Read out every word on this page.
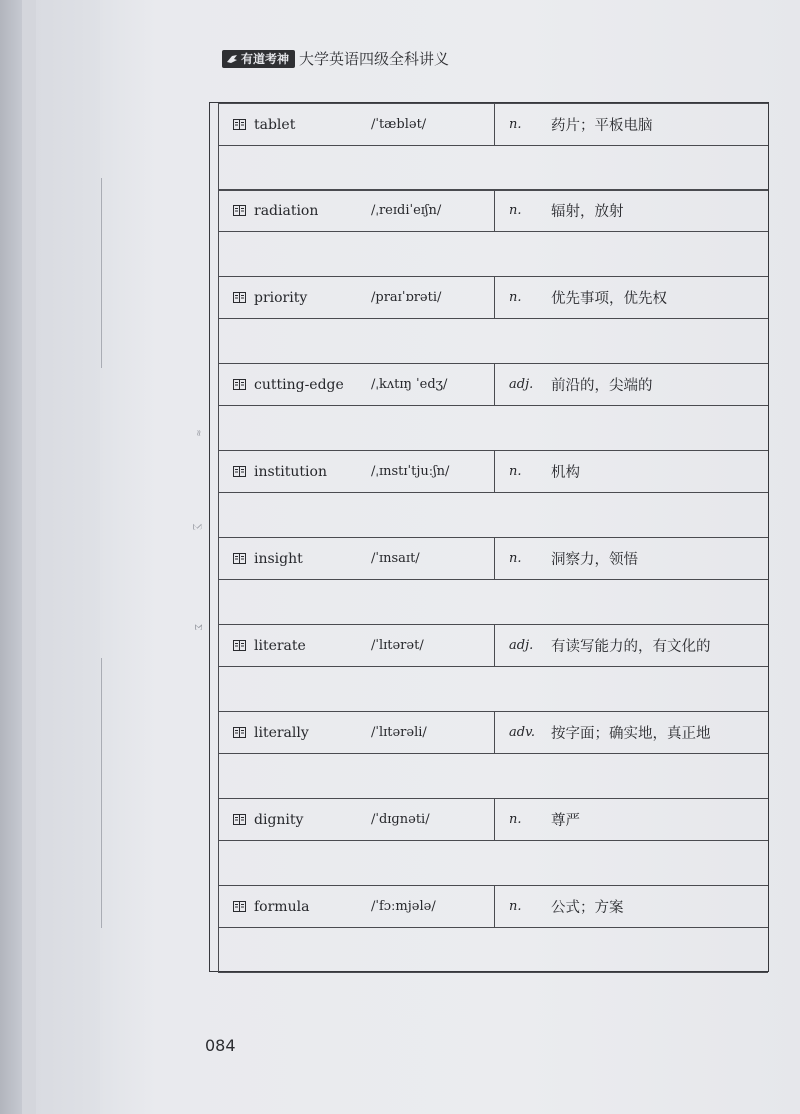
≈
∑
Σ
有道考神 大学英语四级全科讲义
tablet	/ˈtæblət/	n.	药片；平板电脑
radiation	/ˌreɪdiˈeɪʃn/	n.	辐射，放射
priority	/praɪˈɒrəti/	n.	优先事项，优先权
cutting-edge /ˌkʌtɪŋ ˈedʒ/	adj.	前沿的，尖端的
institution	/ˌɪnstɪˈtjuːʃn/	n.	机构
insight	/ˈɪnsaɪt/	n.	洞察力，领悟
literate	/ˈlɪtərət/	adj.	有读写能力的，有文化的
literally	/ˈlɪtərəli/	adv.	按字面；确实地，真正地
dignity	/ˈdɪɡnəti/	n.	尊严
formula	/ˈfɔːmjələ/	n.	公式；方案
084
